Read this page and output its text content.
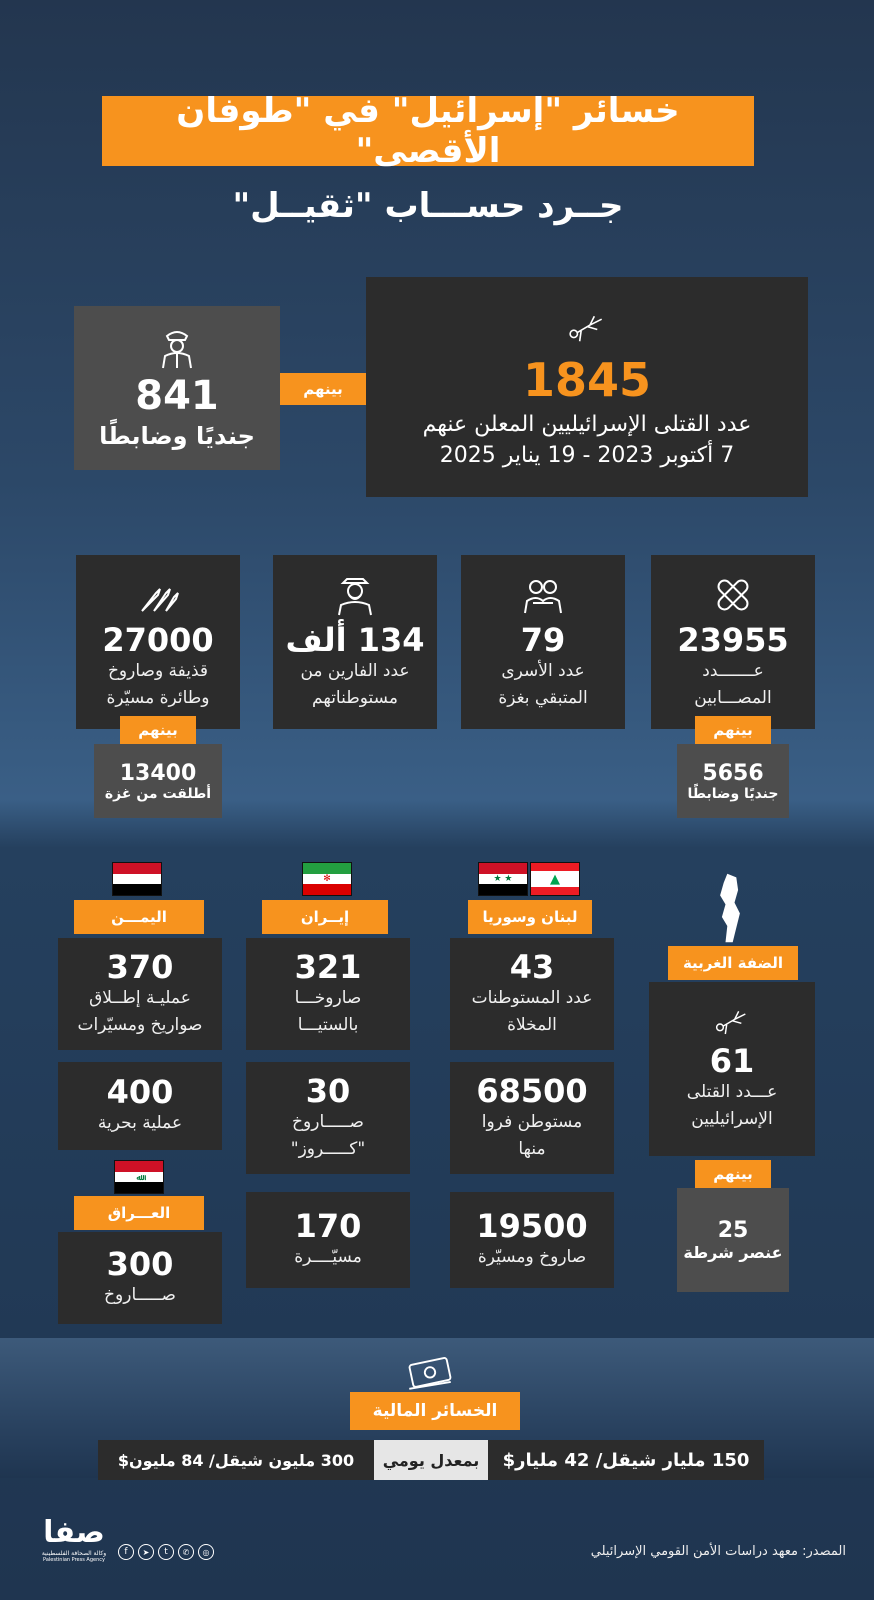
خسائر "إسرائيل" في "طوفان الأقصى"
جــرد حســـاب "ثقيــل"
1845
عدد القتلى الإسرائيليين المعلن عنهم
7 أكتوبر 2023 - 19 يناير 2025
بينهم
841
جنديًا وضابطًا
23955
عـــــــدد
المصـــابين
بينهم
5656
جنديًا وضابطًا
79
عدد الأسرى
المتبقي بغزة
134 ألف
عدد الفارين من
مستوطناتهم
27000
قذيفة وصاروخ
وطائرة مسيّرة
بينهم
13400
أطلقت من غزة
الضفة الغربية
61
عـــدد القتلى
الإسرائيليين
بينهم
25
عنصر شرطة
★ ★	▲
لبنان وسوريا
43
عدد المستوطنات
المخلاة
68500
مستوطن فروا
منها
19500
صاروخ ومسيّرة
✻
إيــران
321
صاروخـــا
بالستيـــا
30
صـــــاروخ
"كـــــروز"
170
مسيّــــرة
اليمـــن
370
عمليـة إطــلاق
صواريخ ومسيّرات
400
عملية بحرية
ﷲ
العـــراق
300
صـــــاروخ
الخسائر المالية
150 مليار شيقل/ 42 مليار$
بمعدل يومي
300 مليون شيقل/ 84 مليون$
المصدر: معهد دراسات الأمن القومي الإسرائيلي
صفا
وكالة الصحافة الفلسطينية
Palestinian Press Agency
f	➤	t	✆	◎
